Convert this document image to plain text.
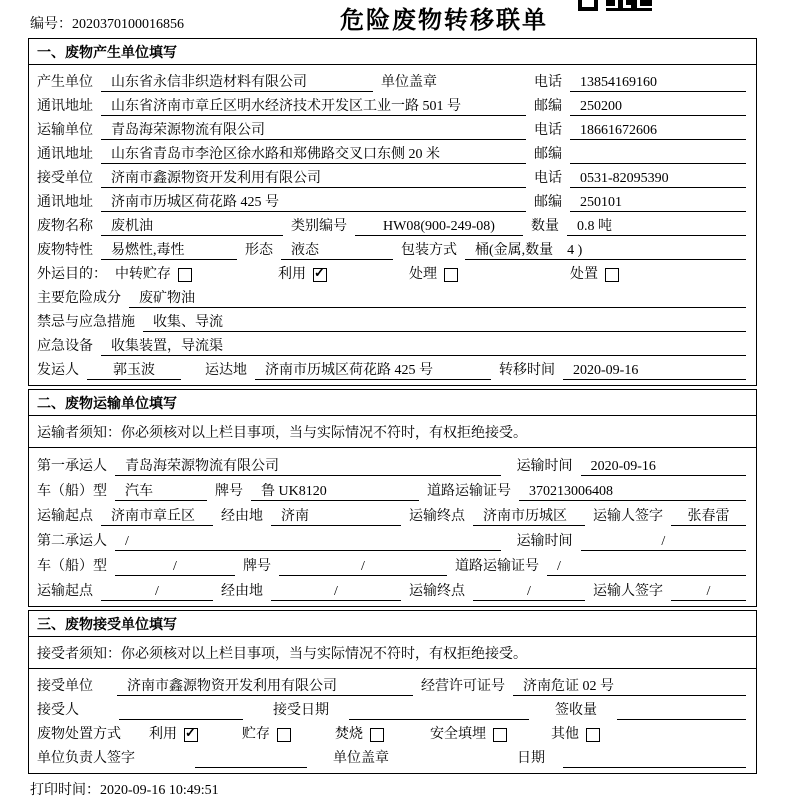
编号：2020370100016856	危险废物转移联单
一、废物产生单位填写
产生单位	山东省永信非织造材料有限公司	单位盖章	电话	13854169160
通讯地址	山东省济南市章丘区明水经济技术开发区工业一路 501 号	邮编	250200
运输单位	青岛海荣源物流有限公司	电话	18661672606
通讯地址	山东省青岛市李沧区徐水路和郑佛路交叉口东侧 20 米	邮编
接受单位	济南市鑫源物资开发利用有限公司	电话	0531-82095390
通讯地址	济南市历城区荷花路 425 号	邮编	250101
废物名称	废机油	类别编号	HW08(900-249-08)	数量	0.8 吨
废物特性	易燃性,毒性	形态	液态	包装方式	桶(金属,数量　4 )
外运目的： 中转贮存	利用 ✓	处理	处置
主要危险成分	废矿物油
禁忌与应急措施	收集、导流
应急设备	收集装置，导流渠
发运人	郭玉波	运达地	济南市历城区荷花路 425 号	转移时间	2020-09-16
二、废物运输单位填写
运输者须知：你必须核对以上栏目事项，当与实际情况不符时，有权拒绝接受。
第一承运人	青岛海荣源物流有限公司	运输时间	2020-09-16
车（船）型	汽车	牌号	鲁 UK8120	道路运输证号	370213006408
运输起点	济南市章丘区	经由地	济南	运输终点	济南市历城区	运输人签字	张春雷
第二承运人	/	运输时间	/
车（船）型	/	牌号	/	道路运输证号	/
运输起点	/	经由地	/	运输终点	/	运输人签字	/
三、废物接受单位填写
接受者须知：你必须核对以上栏目事项，当与实际情况不符时，有权拒绝接受。
接受单位	济南市鑫源物资开发利用有限公司	经营许可证号	济南危证 02 号
接受人	接受日期	签收量
废物处置方式 利用 ✓	贮存	焚烧	安全填埋	其他
单位负责人签字	单位盖章	日期
打印时间：2020-09-16 10:49:51
